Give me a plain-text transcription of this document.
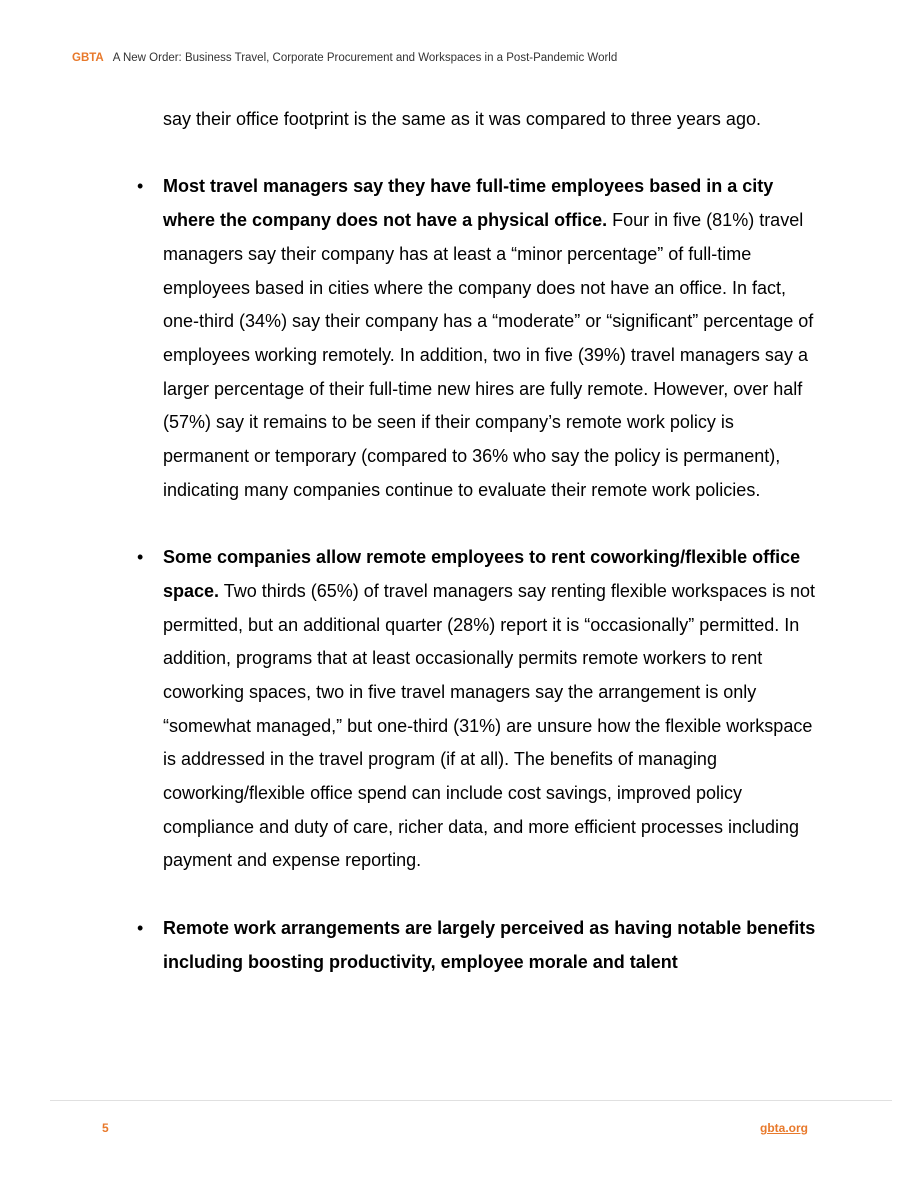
GBTA A New Order: Business Travel, Corporate Procurement and Workspaces in a Post-Pandemic World

say their office footprint is the same as it was compared to three years ago.

• Most travel managers say they have full-time employees based in a city where the company does not have a physical office. Four in five (81%) travel managers say their company has at least a “minor percentage” of full-time employees based in cities where the company does not have an office. In fact, one-third (34%) say their company has a “moderate” or “significant” percentage of employees working remotely. In addition, two in five (39%) travel managers say a larger percentage of their full-time new hires are fully remote. However, over half (57%) say it remains to be seen if their company’s remote work policy is permanent or temporary (compared to 36% who say the policy is permanent), indicating many companies continue to evaluate their remote work policies.
• Some companies allow remote employees to rent coworking/flexible office space. Two thirds (65%) of travel managers say renting flexible workspaces is not permitted, but an additional quarter (28%) report it is “occasionally” permitted. In addition, programs that at least occasionally permits remote workers to rent coworking spaces, two in five travel managers say the arrangement is only “somewhat managed,” but one-third (31%) are unsure how the flexible workspace is addressed in the travel program (if at all). The benefits of managing coworking/flexible office spend can include cost savings, improved policy compliance and duty of care, richer data, and more efficient processes including payment and expense reporting.
• Remote work arrangements are largely perceived as having notable benefits including boosting productivity, employee morale and talent
5	gbta.org
